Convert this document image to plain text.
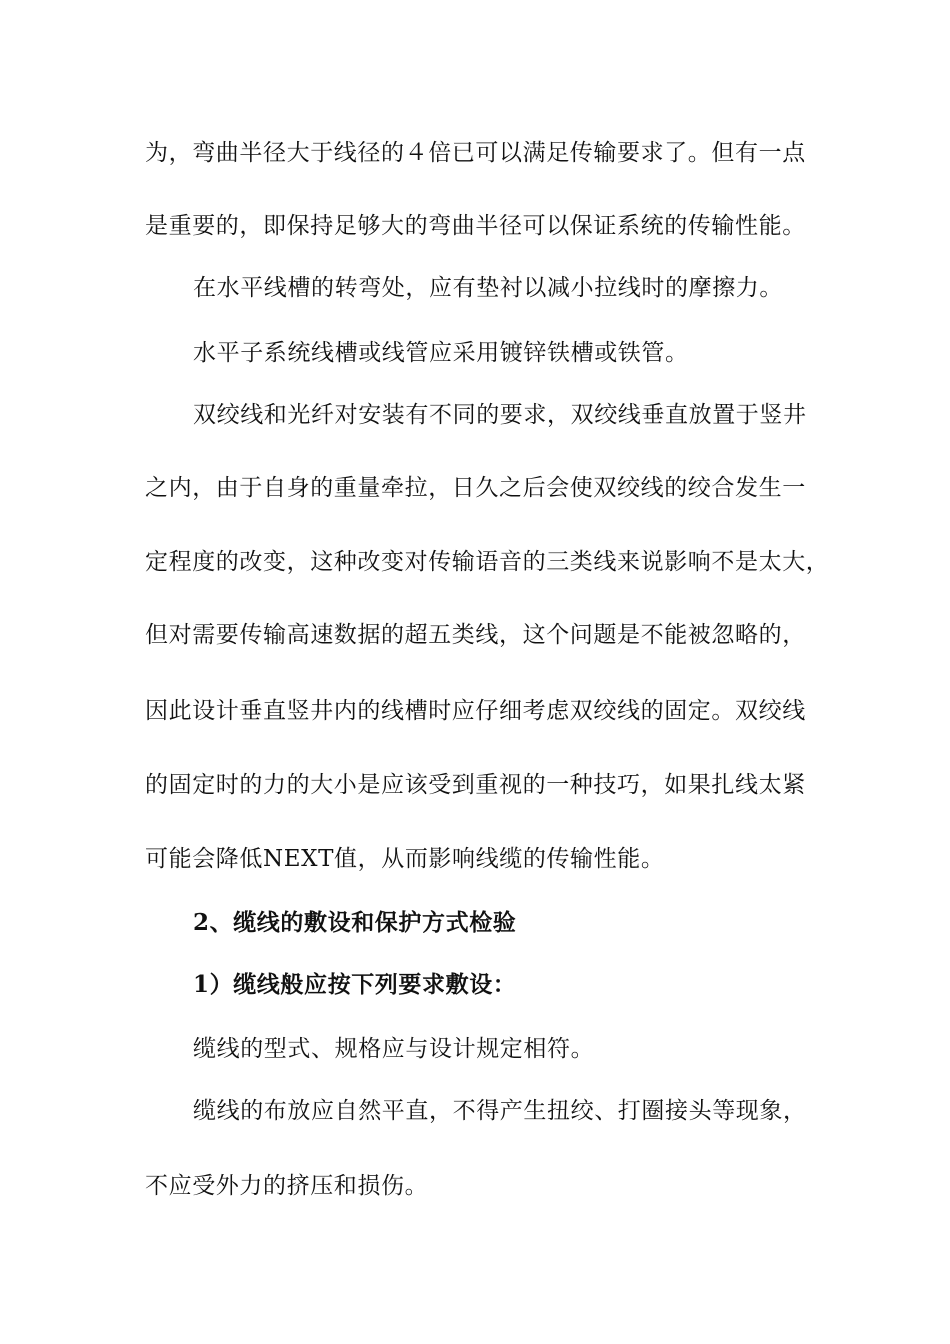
为，弯曲半径大于线径的４倍已可以满足传输要求了。但有一点
是重要的，即保持足够大的弯曲半径可以保证系统的传输性能。
在水平线槽的转弯处，应有垫衬以减小拉线时的摩擦力。
水平子系统线槽或线管应采用镀锌铁槽或铁管。
双绞线和光纤对安装有不同的要求，双绞线垂直放置于竖井
之内，由于自身的重量牵拉，日久之后会使双绞线的绞合发生一
定程度的改变，这种改变对传输语音的三类线来说影响不是太大，
但对需要传输高速数据的超五类线，这个问题是不能被忽略的，
因此设计垂直竖井内的线槽时应仔细考虑双绞线的固定。双绞线
的固定时的力的大小是应该受到重视的一种技巧，如果扎线太紧
可能会降低NEXT值，从而影响线缆的传输性能。
2、缆线的敷设和保护方式检验
1）缆线般应按下列要求敷设：
缆线的型式、规格应与设计规定相符。
缆线的布放应自然平直，不得产生扭绞、打圈接头等现象，
不应受外力的挤压和损伤。
